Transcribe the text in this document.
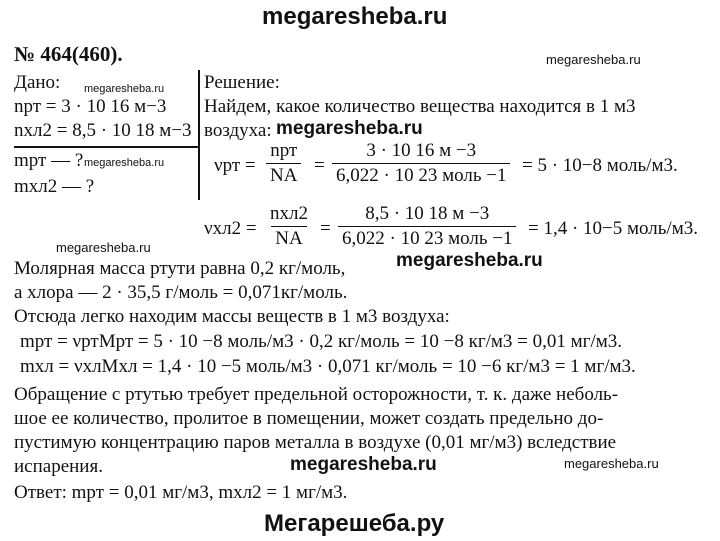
megaresheba.ru
№ 464(460).	megaresheba.ru
Дано: megaresheba.ru
nрт = 3 · 10 16 м−3
nхл2 = 8,5 · 10 18 м−3
mрт — ? megaresheba.ru
mхл2 — ?
Решение:
Найдем, какое количество вещества находится в 1 м3
воздуха: megaresheba.ru
νрт =
nрт
NA =
3 · 10 16 м −3
6,022 · 10 23 моль −1 = 5 · 10−8 моль/м3.
νхл2 =
nхл2
NA =
8,5 · 10 18 м −3
6,022 · 10 23 моль −1 = 1,4 · 10−5 моль/м3.
megaresheba.ru
megaresheba.ru
Молярная масса ртути равна 0,2 кг/моль,
а хлора — 2 · 35,5 г/моль = 0,071кг/моль.
Отсюда легко находим массы веществ в 1 м3 воздуха:
mрт = νртMрт = 5 · 10 −8 моль/м3 · 0,2 кг/моль = 10 −8 кг/м3 = 0,01 мг/м3.
mхл = νхлMхл = 1,4 · 10 −5 моль/м3 · 0,071 кг/моль = 10 −6 кг/м3 = 1 мг/м3.
Обращение с ртутью требует предельной осторожности, т. к. даже неболь-
шое ее количество, пролитое в помещении, может создать предельно до-
пустимую концентрацию паров металла в воздухе (0,01 мг/м3) вследствие
испарения.	megaresheba.ru	megaresheba.ru
Ответ: mрт = 0,01 мг/м3, mхл2 = 1 мг/м3.
Мегарешеба.ру
